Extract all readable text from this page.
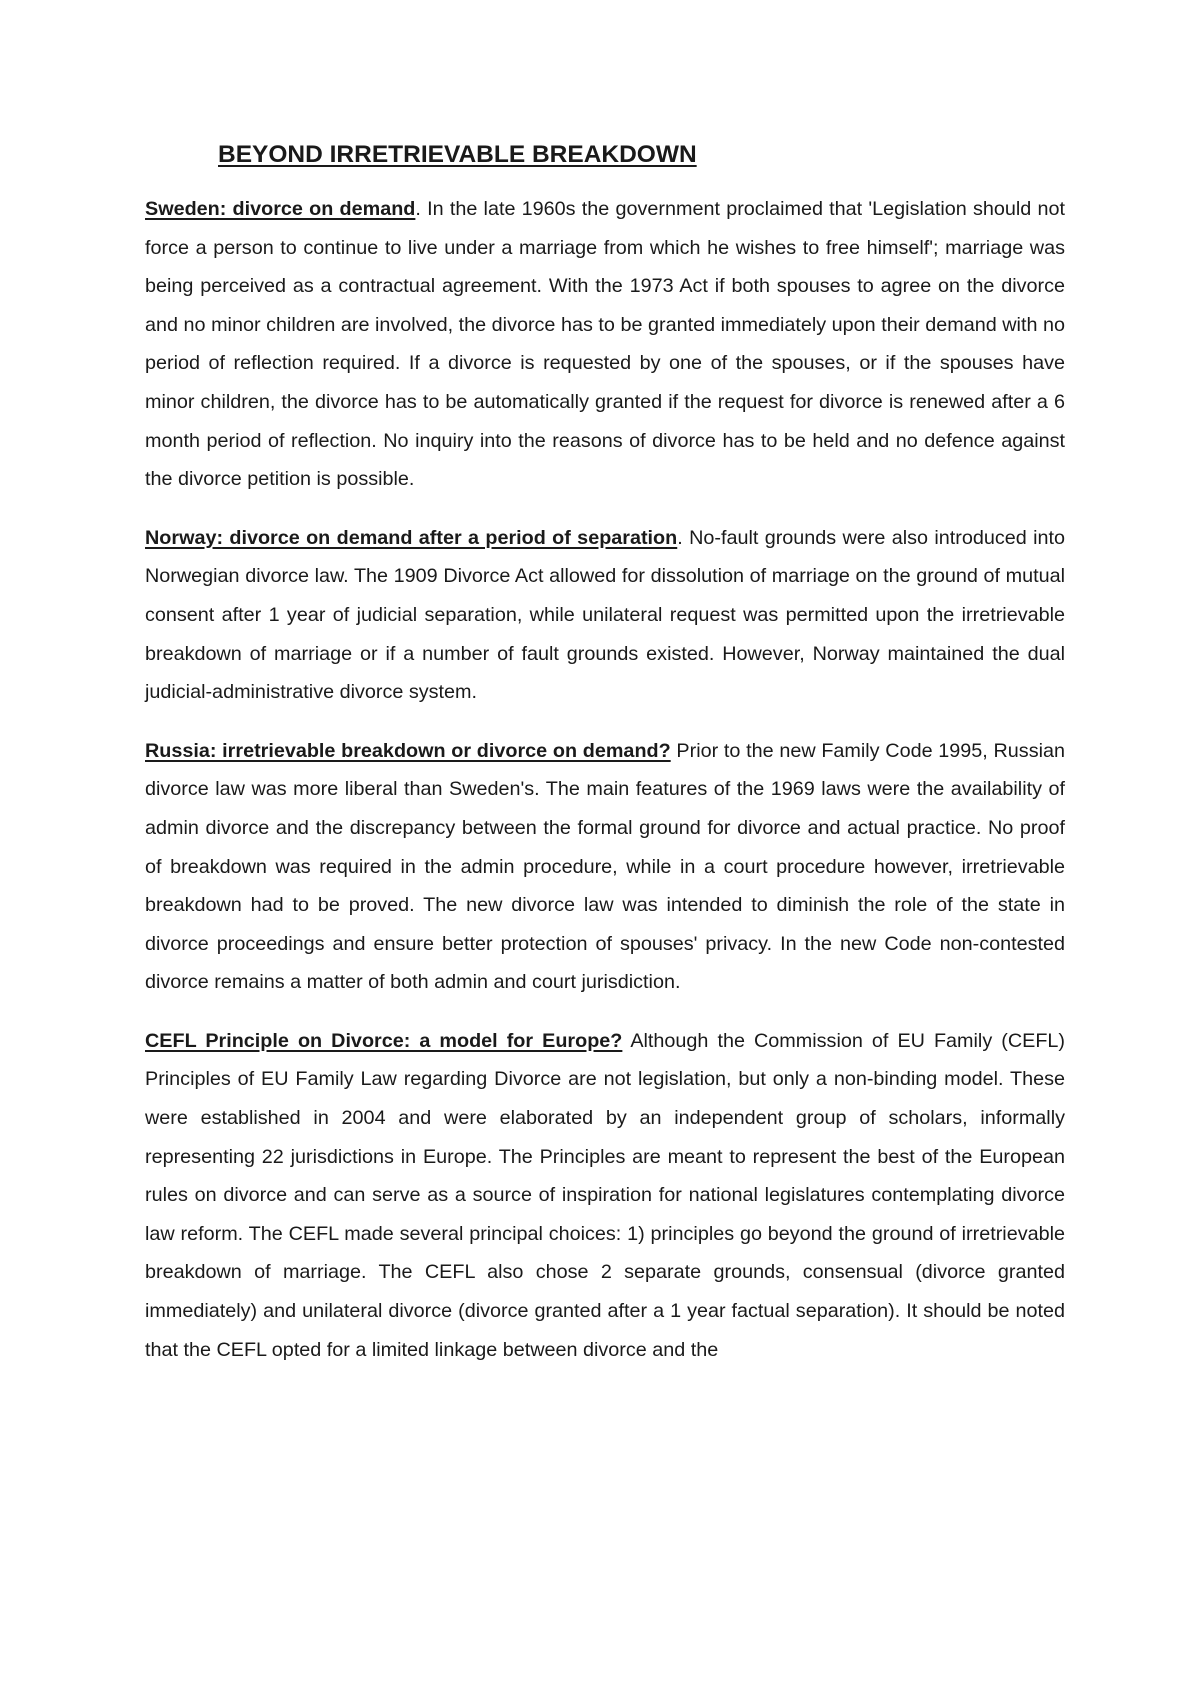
BEYOND IRRETRIEVABLE BREAKDOWN

Sweden: divorce on demand. In the late 1960s the government proclaimed that 'Legislation should not force a person to continue to live under a marriage from which he wishes to free himself'; marriage was being perceived as a contractual agreement. With the 1973 Act if both spouses to agree on the divorce and no minor children are involved, the divorce has to be granted immediately upon their demand with no period of reflection required. If a divorce is requested by one of the spouses, or if the spouses have minor children, the divorce has to be automatically granted if the request for divorce is renewed after a 6 month period of reflection. No inquiry into the reasons of divorce has to be held and no defence against the divorce petition is possible.

Norway: divorce on demand after a period of separation. No-fault grounds were also introduced into Norwegian divorce law. The 1909 Divorce Act allowed for dissolution of marriage on the ground of mutual consent after 1 year of judicial separation, while unilateral request was permitted upon the irretrievable breakdown of marriage or if a number of fault grounds existed. However, Norway maintained the dual judicial-administrative divorce system.

Russia: irretrievable breakdown or divorce on demand? Prior to the new Family Code 1995, Russian divorce law was more liberal than Sweden's. The main features of the 1969 laws were the availability of admin divorce and the discrepancy between the formal ground for divorce and actual practice. No proof of breakdown was required in the admin procedure, while in a court procedure however, irretrievable breakdown had to be proved. The new divorce law was intended to diminish the role of the state in divorce proceedings and ensure better protection of spouses' privacy. In the new Code non-contested divorce remains a matter of both admin and court jurisdiction.

CEFL Principle on Divorce: a model for Europe? Although the Commission of EU Family (CEFL) Principles of EU Family Law regarding Divorce are not legislation, but only a non-binding model. These were established in 2004 and were elaborated by an independent group of scholars, informally representing 22 jurisdictions in Europe. The Principles are meant to represent the best of the European rules on divorce and can serve as a source of inspiration for national legislatures contemplating divorce law reform. The CEFL made several principal choices: 1) principles go beyond the ground of irretrievable breakdown of marriage. The CEFL also chose 2 separate grounds, consensual (divorce granted immediately) and unilateral divorce (divorce granted after a 1 year factual separation). It should be noted that the CEFL opted for a limited linkage between divorce and the
